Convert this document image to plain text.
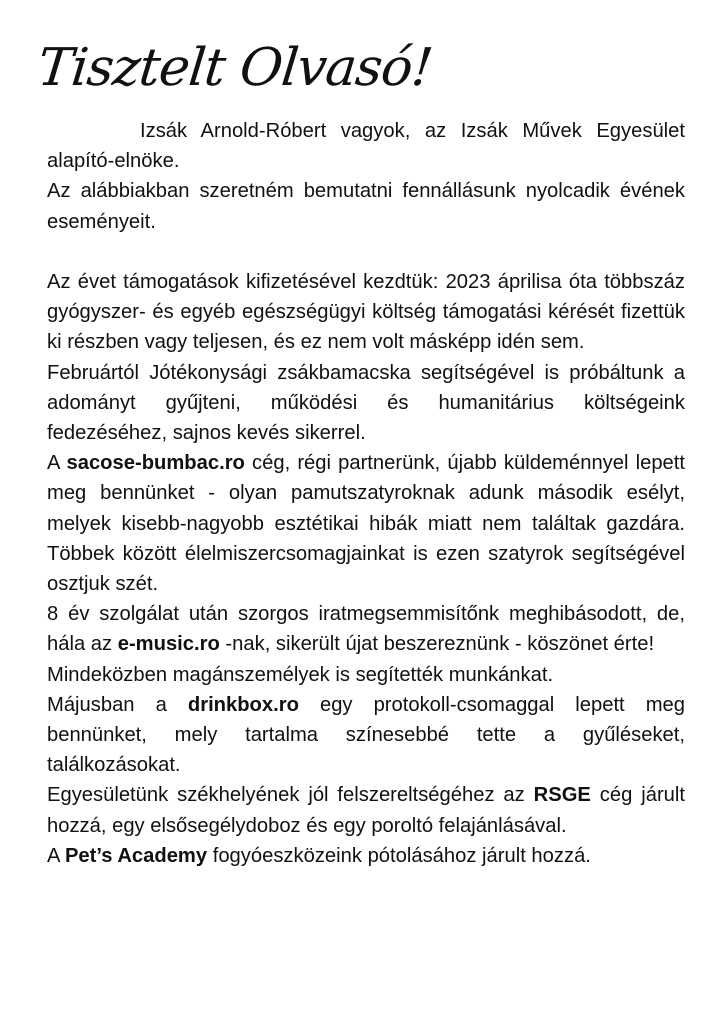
Tisztelt Olvasó!

Izsák Arnold-Róbert vagyok, az Izsák Művek Egyesület alapító-elnöke.

Az alábbiakban szeretném bemutatni fennállásunk nyolcadik évének eseményeit.

Az évet támogatások kifizetésével kezdtük: 2023 áprilisa óta többszáz gyógyszer- és egyéb egészségügyi költség támogatási kérését fizettük ki részben vagy teljesen, és ez nem volt másképp idén sem.

Februártól Jótékonysági zsákbamacska segítségével is próbáltunk a adományt gyűjteni, működési és humanitárius költségeink fedezéséhez, sajnos kevés sikerrel.

A sacose-bumbac.ro cég, régi partnerünk, újabb küldeménnyel lepett meg bennünket - olyan pamutszatyroknak adunk második esélyt, melyek kisebb-nagyobb esztétikai hibák miatt nem találtak gazdára. Többek között élelmiszercsomagjainkat is ezen szatyrok segítségével osztjuk szét.

8 év szolgálat után szorgos iratmegsemmisítőnk meghibásodott, de, hála az e-music.ro -nak, sikerült újat beszereznünk - köszönet érte!

Mindeközben magánszemélyek is segítették munkánkat.

Májusban a drinkbox.ro egy protokoll-csomaggal lepett meg bennünket, mely tartalma színesebbé tette a gyűléseket, találkozásokat.

Egyesületünk székhelyének jól felszereltségéhez az RSGE cég járult hozzá, egy elsősegélydoboz és egy poroltó felajánlásával.

A Pet’s Academy fogyóeszközeink pótolásához járult hozzá.
